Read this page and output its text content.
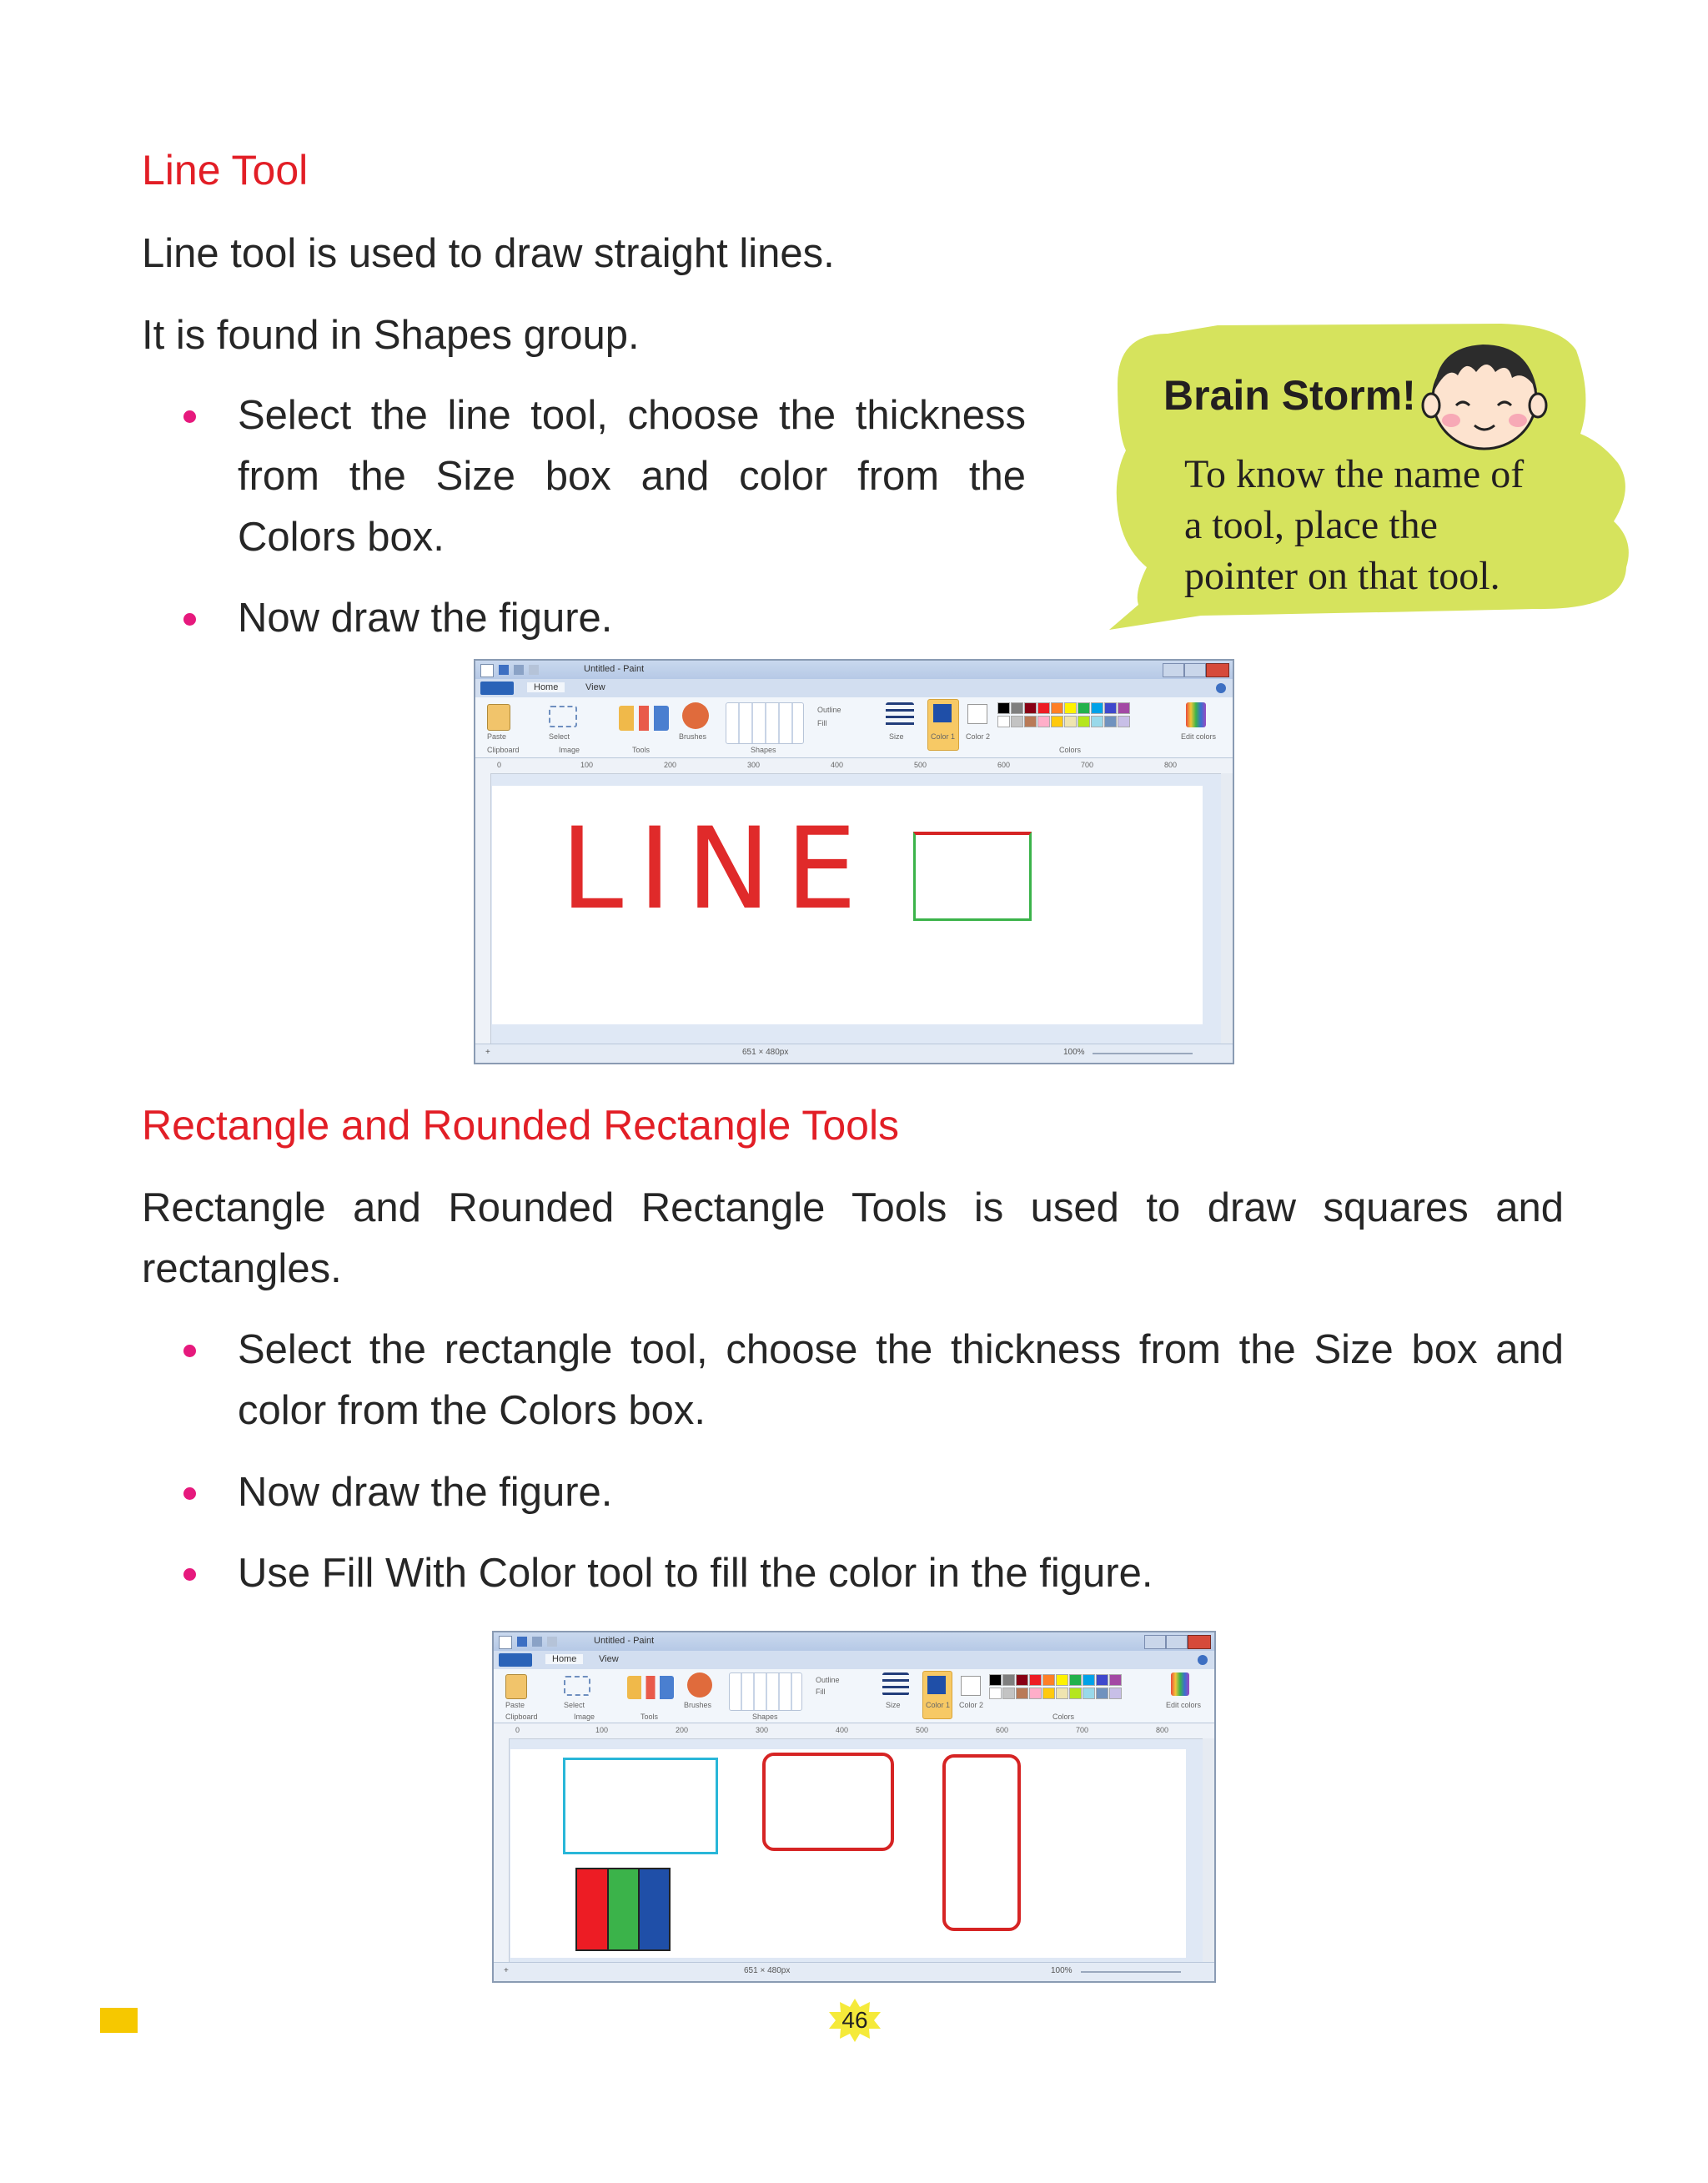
Line Tool
Line tool is used to draw straight lines.
It is found in Shapes group.
Select the line tool, choose the thickness
from the Size box and color from the
Colors box.
Now draw the figure.
Brain Storm!
To know the name of
a tool, place the
pointer on that tool.
Untitled - Paint
Home	View
Paste	Select	Brushes
Outline
Fill
Size	Color 1 Color 2	Edit colors
Clipboard	Image	Tools	Shapes	Colors
0	100	200	300	400	500	600	700	800
LINE
+	651 × 480px	100%
Rectangle and Rounded Rectangle Tools
Rectangle and Rounded Rectangle Tools is used to draw squares and
rectangles.
Select the rectangle tool, choose the thickness from the Size box and
color from the Colors box.
Now draw the figure.
Use Fill With Color tool to fill the color in the figure.
Untitled - Paint
Home	View
Paste	Select	Brushes
Outline
Fill
Size	Color 1 Color 2	Edit colors
Clipboard	Image	Tools	Shapes	Colors
0	100	200	300	400	500	600	700	800
+	651 × 480px	100%
46
